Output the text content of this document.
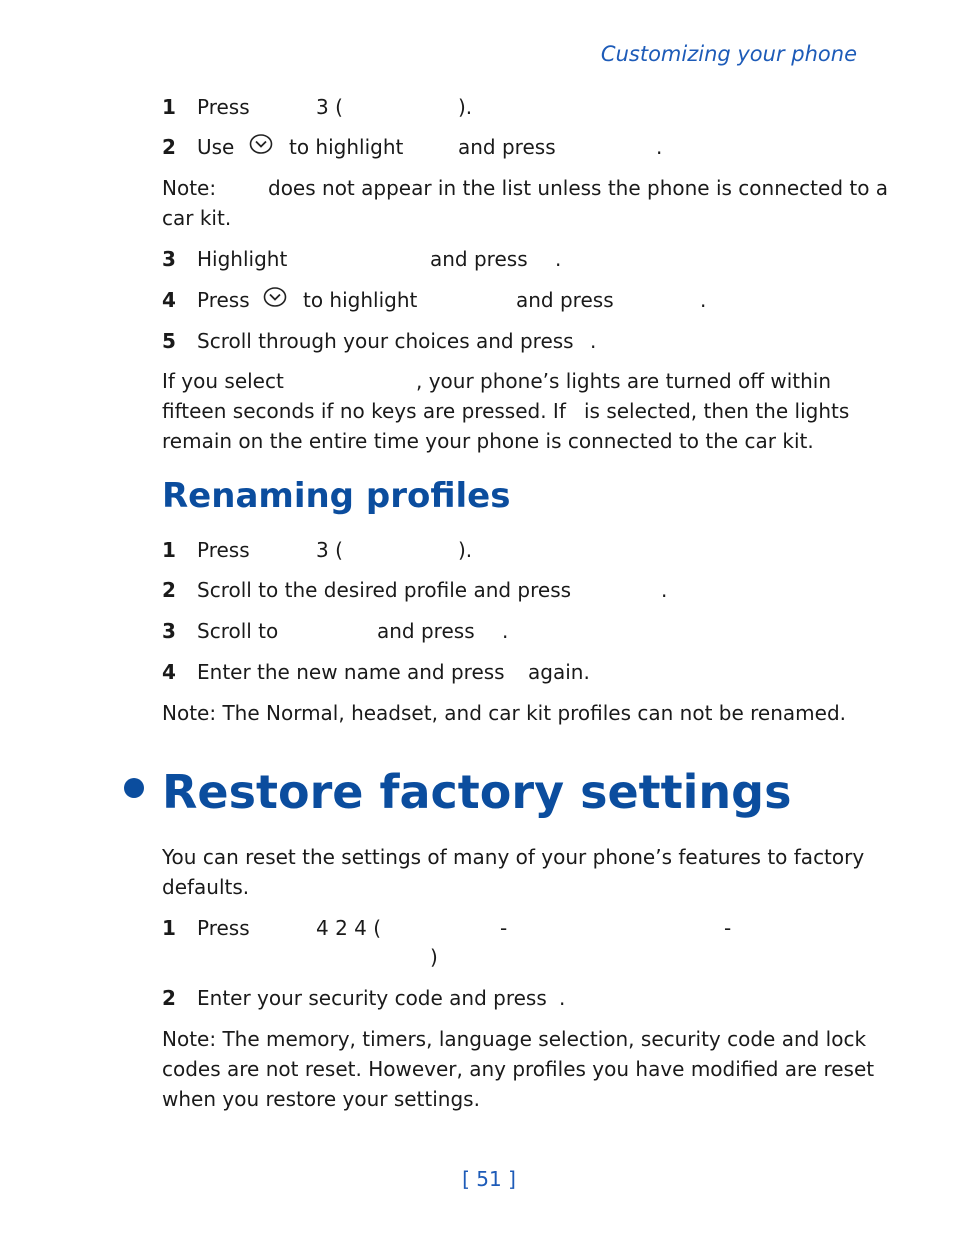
Customizing your phone
1 Press	3 (	).
2 Use	to highlight	and press	.
Note:	does not appear in the list unless the phone is connected to a
car kit.
3 Highlight	and press .
4 Press	to highlight	and press	.
5 Scroll through your choices and press .
If you select	, your phone’s lights are turned off within
fifteen seconds if no keys are pressed. If is selected, then the lights
remain on the entire time your phone is connected to the car kit.
Renaming profiles
1 Press	3 (	).
2 Scroll to the desired profile and press	.
3 Scroll to	and press .
4 Enter the new name and press again.
Note: The Normal, headset, and car kit profiles can not be renamed.
Restore factory settings
You can reset the settings of many of your phone’s features to factory
defaults.
1 Press	4 2 4 (	-	-
)
2 Enter your security code and press .
Note: The memory, timers, language selection, security code and lock
codes are not reset. However, any profiles you have modified are reset
when you restore your settings.
[ 51 ]
